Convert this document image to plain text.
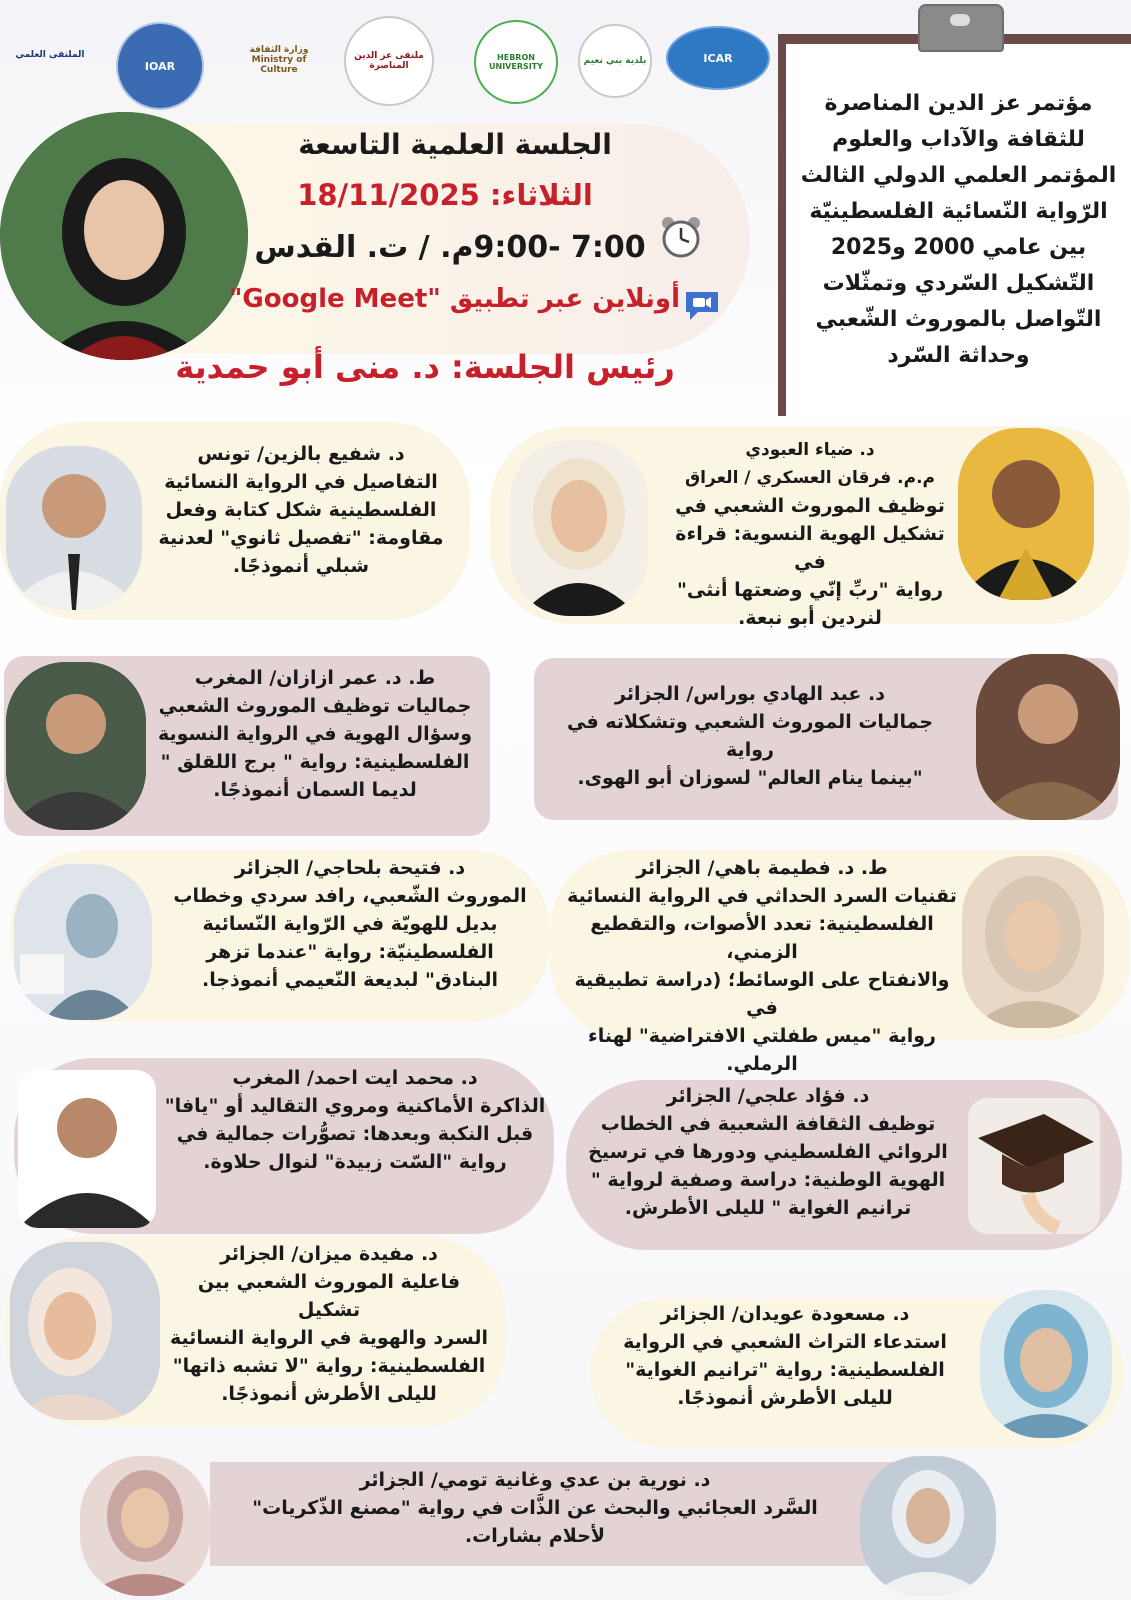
ICAR
بلدية بني نعيم
HEBRON UNIVERSITY
ملتقى عز الدين المناصرة
وزارة الثقافة Ministry of Culture
IOAR
الملتقى العلمي
مؤتمر عز الدين المناصرة
للثقافة والآداب والعلوم
المؤتمر العلمي الدولي الثالث
الرّواية النّسائية الفلسطينيّة
بين عامي 2000 و2025
التّشكيل السّردي وتمثّلات
التّواصل بالموروث الشّعبي
وحداثة السّرد
الجلسة العلمية التاسعة
الثلاثاء: 18/11/2025
7:00 -9:00م. / ت. القدس
أونلاين عبر تطبيق "Google Meet"
رئيس الجلسة: د. منى أبو حمدية
د. ضياء العبودي
م.م. فرقان العسكري / العراق
توظيف الموروث الشعبي في
تشكيل الهوية النسوية: قراءة في
رواية "ربِّ إنّي وضعتها أنثى"
لنردين أبو نبعة.
د. شفيع بالزين/ تونس
التفاصيل في الرواية النسائية
الفلسطينية شكل كتابة وفعل
مقاومة: "تفصيل ثانوي" لعدنية
شبلي أنموذجًا.
د. عبد الهادي بوراس/ الجزائر
جماليات الموروث الشعبي وتشكلاته في رواية
"بينما ينام العالم" لسوزان أبو الهوى.
ط. د. عمر ازازان/ المغرب
جماليات توظيف الموروث الشعبي
وسؤال الهوية في الرواية النسوية
الفلسطينية: رواية " برج اللقلق "
لديما السمان أنموذجًا.
ط. د. فطيمة باهي/ الجزائر
تقنيات السرد الحداثي في الرواية النسائية
الفلسطينية: تعدد الأصوات، والتقطيع الزمني،
والانفتاح على الوسائط؛ (دراسة تطبيقية في
رواية "ميس طفلتي الافتراضية" لهناء
الرملي.
د. فتيحة بلحاجي/ الجزائر
الموروث الشّعبي، رافد سردي وخطاب
بديل للهويّة في الرّواية النّسائية
الفلسطينيّة: رواية "عندما تزهر
البنادق" لبديعة النّعيمي أنموذجا.
د. فؤاد علجي/ الجزائر
توظيف الثقافة الشعبية في الخطاب
الروائي الفلسطيني ودورها في ترسيخ
الهوية الوطنية: دراسة وصفية لرواية "
ترانيم الغواية " لليلى الأطرش.
د. محمد ايت احمد/ المغرب
الذاكرة الأماكنية ومروي التقاليد أو "يافا"
قبل النكبة وبعدها: تصوُّرات جمالية في
رواية "السّت زبيدة" لنوال حلاوة.
د. مسعودة عويدان/ الجزائر
استدعاء التراث الشعبي في الرواية
الفلسطينية: رواية "ترانيم الغواية"
لليلى الأطرش أنموذجًا.
د. مفيدة ميزان/ الجزائر
فاعلية الموروث الشعبي بين تشكيل
السرد والهوية في الرواية النسائية
الفلسطينية: رواية "لا تشبه ذاتها"
لليلى الأطرش أنموذجًا.
د. نورية بن عدي وغانية تومي/ الجزائر
السَّرد العجائبي والبحث عن الذَّات في رواية "مصنع الذّكريات"
لأحلام بشارات.
